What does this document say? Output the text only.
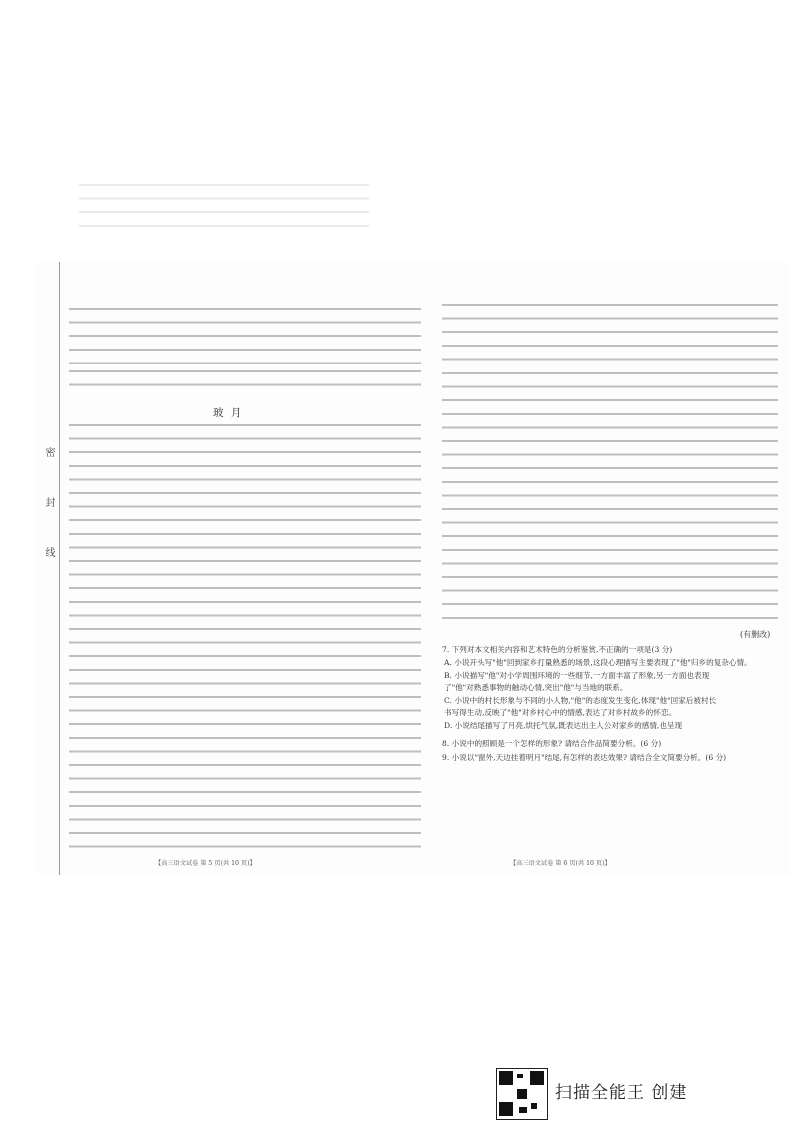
密
封
线
玻 月
【高三语文试卷 第 5 页(共 10 页)】
(有删改)
7. 下列对本文相关内容和艺术特色的分析鉴赏,不正确的一项是(3 分)
A. 小说开头写"他"回到家乡打量熟悉的场景,这段心理描写主要表现了"他"归乡的复杂心情。
B. 小说描写"他"对小学周围环境的一些细节,一方面丰富了形象,另一方面也表现
了"他"对熟悉事物的触动心情,突出"他"与当地的联系。
C. 小说中的村长形象与不同的小人物,"他"的态度发生变化,体现"他"回家后被村长
书写得生动,反映了"他"对乡村心中的情感,表达了对乡村故乡的怀恋。
D. 小说结尾描写了月亮,烘托气氛,既表达出主人公对家乡的感情,也呈现
8. 小说中的照顾是一个怎样的形象? 请结合作品简要分析。(6 分)
9. 小说以"窗外,天边挂着明月"结尾,有怎样的表达效果? 请结合全文简要分析。(6 分)
【高三语文试卷 第 6 页(共 10 页)】
扫描全能王 创建
